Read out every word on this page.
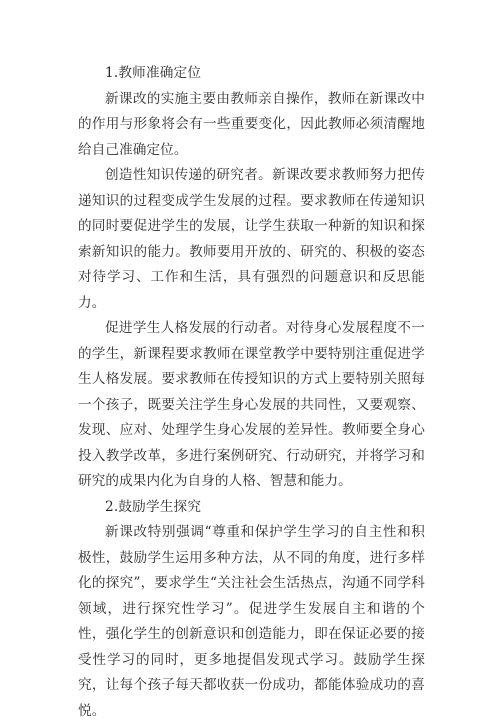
1.教师准确定位

新课改的实施主要由教师亲自操作，教师在新课改中的作用与形象将会有一些重要变化，因此教师必须清醒地给自己准确定位。

创造性知识传递的研究者。新课改要求教师努力把传递知识的过程变成学生发展的过程。要求教师在传递知识的同时要促进学生的发展，让学生获取一种新的知识和探索新知识的能力。教师要用开放的、研究的、积极的姿态对待学习、工作和生活，具有强烈的问题意识和反思能力。

促进学生人格发展的行动者。对待身心发展程度不一的学生，新课程要求教师在课堂教学中要特别注重促进学生人格发展。要求教师在传授知识的方式上要特别关照每一个孩子，既要关注学生身心发展的共同性，又要观察、发现、应对、处理学生身心发展的差异性。教师要全身心投入教学改革，多进行案例研究、行动研究，并将学习和研究的成果内化为自身的人格、智慧和能力。

2.鼓励学生探究

新课改特别强调“尊重和保护学生学习的自主性和积极性，鼓励学生运用多种方法，从不同的角度，进行多样化的探究”，要求学生“关注社会生活热点，沟通不同学科领域，进行探究性学习”。促进学生发展自主和谐的个性，强化学生的创新意识和创造能力，即在保证必要的接受性学习的同时，更多地提倡发现式学习。鼓励学生探究，让每个孩子每天都收获一份成功，都能体验成功的喜悦。
